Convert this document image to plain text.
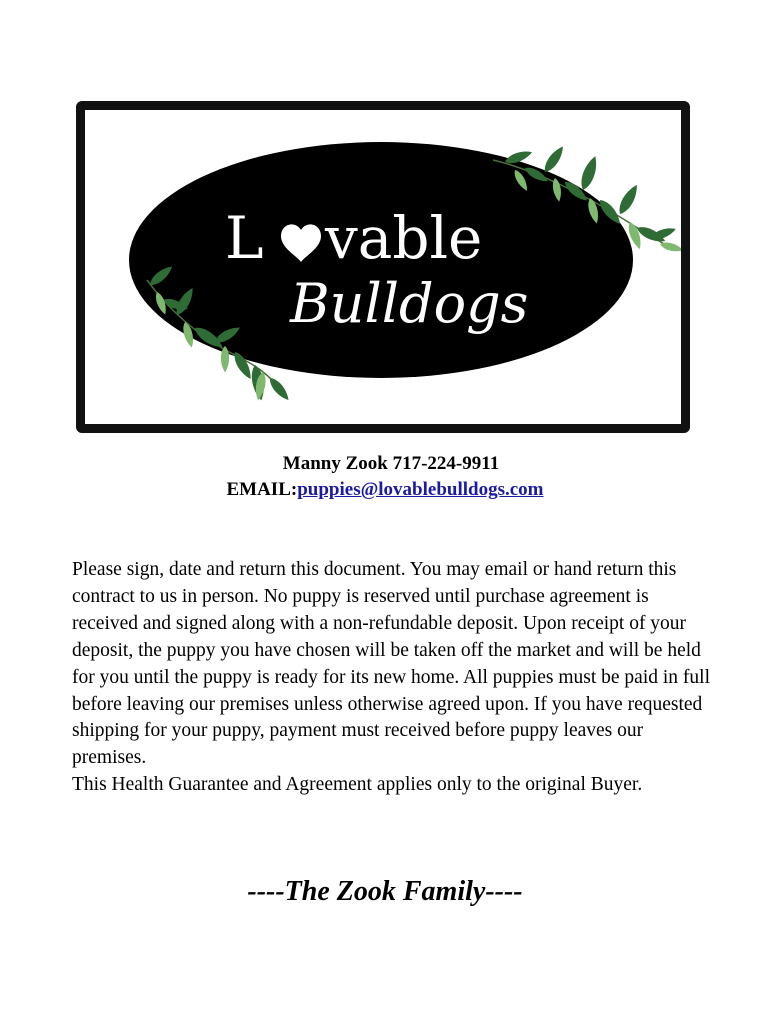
L vable
Bulldogs
Manny Zook 717-224-9911
EMAIL:puppies@lovablebulldogs.com

Please sign, date and return this document. You may email or hand return this contract to us in person. No puppy is reserved until purchase agreement is received and signed along with a non-refundable deposit. Upon receipt of your deposit, the puppy you have chosen will be taken off the market and will be held for you until the puppy is ready for its new home. All puppies must be paid in full before leaving our premises unless otherwise agreed upon. If you have requested shipping for your puppy, payment must received before puppy leaves our premises.

This Health Guarantee and Agreement applies only to the original Buyer.

----The Zook Family----
